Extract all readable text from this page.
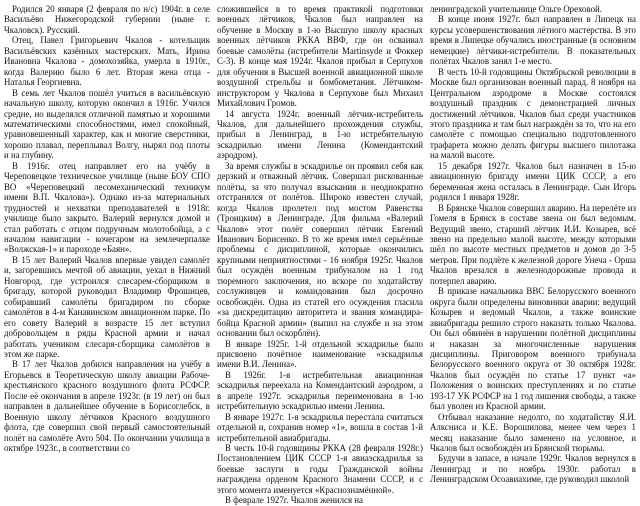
Родился 20 января (2 февраля по н/с) 1904г. в селе Васильёво Нижегородской губернии (ныне г. Чкаловск). Русский.

Отец, Павел Григорьевич Чкалов - котельщик Васильёвских казённых мастерских. Мать, Ирина Ивановна Чкалова - домохозяйка, умерла в 1910г., когда Валерию было 6 лет. Вторая жена отца - Наталья Георгиевна.

В семь лет Чкалов пошёл учиться в васильёвскую начальную школу, которую окончил в 1916г. Учился средне, но выделялся отличной памятью и хорошими математическими способностями, имел спокойный, уравновешенный характер, как и многие сверстники, хорошо плавал, переплывал Волгу, нырял под плоты и на глубину.

В 1916г. отец направляет его на учёбу в Череповецкое техническое училище (ныне БОУ СПО ВО «Череповецкий лесомеханический техникум имени В.П. Чкалова»). Однако из-за материальных трудностей и нехватки преподавателей в 1918г. училище было закрыто. Валерий вернулся домой и стал работать с отцом подручным молотобойца, а с началом навигации - кочегаром на землечерпалке «Волжская-1» и пароходе «Баян».

В 15 лет Валерий Чкалов впервые увидел самолёт и, загоревшись мечтой об авиации, уехал в Нижний Новгород, где устроился слесарем-сборщиком в бригаду, которой руководил Владимир Фрошицев, собиравший самолёты бригадиром по сборке самолётов в 4-м Канавинском авиационном парке. По его совету Валерий в возрасте 15 лет вступил добровольцем в ряды Красной армии и начал работать учеником слесаря-сборщика самолётов в этом же парке.

В 17 лет Чкалов добился направления на учёбу в Егорьевск в Теоретическую школу авиации Рабоче-крестьянского красного воздушного флота РСФСР. После её окончания в апреле 1923г. (в 19 лет) он был направлен в дальнейшее обучение в Борисоглебск, в Военную школу лётчиков Красного воздушного флота, где совершил свой первый самостоятельный полёт на самолёте Avro 504. По окончании училища в октябре 1923г., в соответствии со

сложившейся в то время практикой подготовки военных лётчиков, Чкалов был направлен на обучение в Москву в 1-ю Высшую школу красных военных лётчиков РККА ВВФ, где он осваивал боевые самолёты (истребители Martinsyde и Фоккер С-3). В конце мая 1924г. Чкалов прибыл в Серпухов для обучения в Высшей военной авиационной школе воздушной стрельбы и бомбометания. Лётчиком-инструктором у Чкалова в Серпухове был Михаил Михайлович Громов.

14 августа 1924г. военный лётчик-истребитель Чкалов, для дальнейшего прохождения службы, прибыл в Ленинград, в 1-ю истребительную эскадрилью имени Ленина (Комендантский аэродром).

За время службы в эскадрилье он проявил себя как дерзкий и отважный лётчик. Совершал рискованные полёты, за что получал взыскания и неоднократно отстранялся от полётов. Широко известен случай, когда Чкалов пролетел под мостом Равенства (Троицким) в Ленинграде. Для фильма «Валерий Чкалов» этот полёт совершил лётчик Евгений Иванович Борисенко. В то же время имел серьёзные проблемы с дисциплиной, которые окончились крупными неприятностями - 16 ноября 1925г. Чкалов был осуждён военным трибуналом на 1 год тюремного заключения, но вскоре по ходатайству сослуживцев и командования был досрочно освобождён. Одна из статей его осуждения гласила «за дискредитацию авторитета и звания командира-бойца Красной армии» (выпил на службе и на этом основании был оскорблён).

В январе 1925г. 1-й отдельной эскадрилье было присвоено почётное наименование «эскадрилья имени В.И. Ленина».

В 1926г. 1-я истребительная авиационная эскадрилья переехала на Комендантский аэродром, а в апреле 1927г. эскадрилья переименована в 1-ю истребительную эскадрилью имени Ленина.

В январе 1927г. 1-я эскадрилья перестала считаться отдельной и, сохранив номер «1», вошла в состав 1-й истребительной авиабригады.

В честь 10-й годовщины РККА (28 февраля 1928г.) Постановлением ЦИК СССР 1-я авиаэскадрилья за боевые заслуги в годы Гражданской войны награждена орденом Красного Знамени СССР, и с этого момента именуется «Краснознамённой».

В феврале 1927г. Чкалов женился на

ленинградской учительнице Ольге Ореховой.

В конце июня 1927г. был направлен в Липецк на курсы усовершенствования лётного мастерства. В это время в Липецке обучались иностранные (в основном немецкие) лётчики-истребители. В показательных полётах Чкалов занял 1-е место.

В честь 10-й годовщины Октябрьской революции в Москве был организован военный парад. 8 ноября на Центральном аэродроме в Москве состоялся воздушный праздник с демонстрацией личных достижений лётчиков. Чкалов был среди участников этого праздника и там был награждён за то, что на его самолёте с помощью специально подготовленного трафарета можно делать фигуры высшего пилотажа на малой высоте.

15 декабря 1927г. Чкалов был назначен в 15-ю авиационную бригаду имени ЦИК СССР, а его беременная жена осталась в Ленинграде. Сын Игорь родился 1 января 1928г.

В Брянске Чкалов совершил аварию. На перелёте из Гомеля в Брянск в составе звена он был ведомым. Ведущий звено, старший лётчик И.И. Козырев, всё звено на предельно малой высоте, между которыми шёл по высоте местных предметов и домов до 3-5 метров. При подлёте к железной дороге Унеча - Орша Чкалов врезался в железнодорожные провода и потерпел аварию.

В приказе начальника ВВС Белорусского военного округа были определены виновники аварии: ведущий Козырев и ведомый Чкалов, а также воинские авиабригады решило строго наказать только Чкалова. Он был обвинён в нарушении полётной дисциплины и наказан за многочисленные нарушения дисциплины. Приговором военного трибунала Белорусского военного округа от 30 октября 1928г. Чкалов был осуждён по статье 17 пункт «а» Положения о воинских преступлениях и по статье 193-17 УК РСФСР на 1 год лишения свободы, а также был уволен из Красной армии.

Отбывал наказание недолго, по ходатайству Я.И. Алксниса и К.Е. Ворошилова, менее чем через 1 месяц наказание было заменено на условное, и Чкалов был освобождён из Брянской тюрьмы.

Будучи в запасе, в начале 1929г. Чкалов вернулся в Ленинград и по ноябрь 1930г. работал в Ленинградском Осоавиахиме, где руководил школой
